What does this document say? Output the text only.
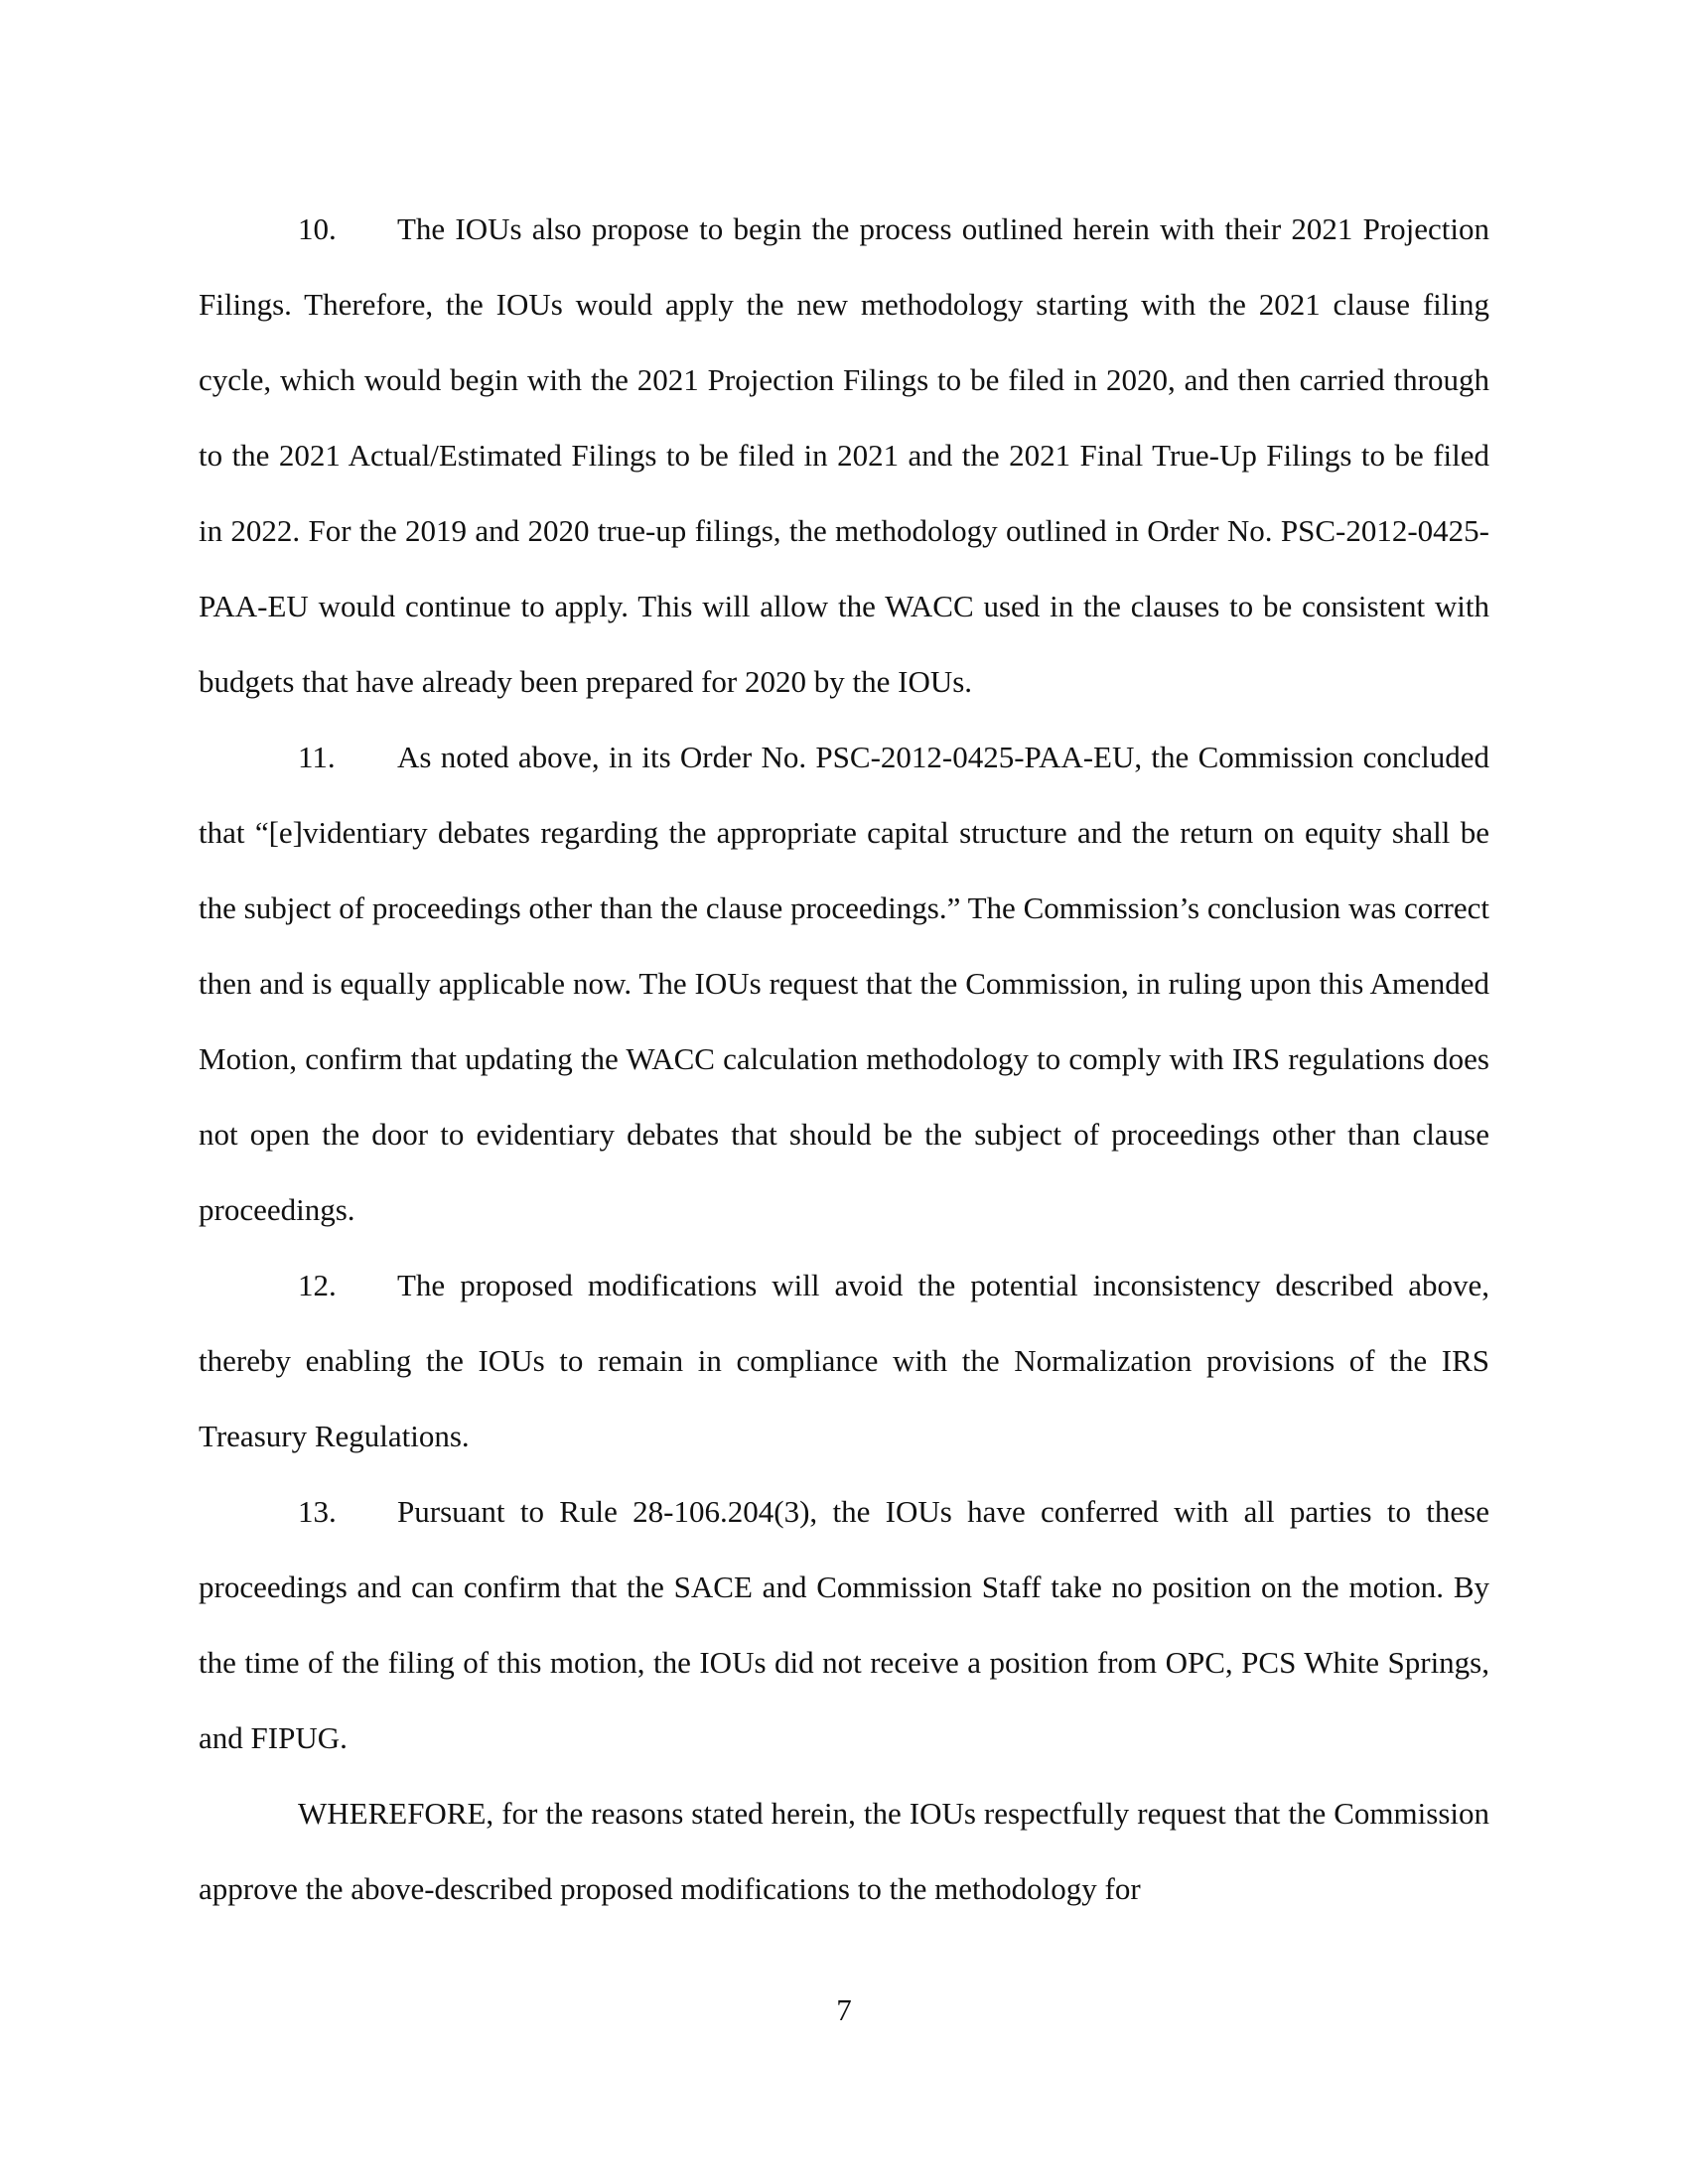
10. The IOUs also propose to begin the process outlined herein with their 2021 Projection Filings. Therefore, the IOUs would apply the new methodology starting with the 2021 clause filing cycle, which would begin with the 2021 Projection Filings to be filed in 2020, and then carried through to the 2021 Actual/Estimated Filings to be filed in 2021 and the 2021 Final True-Up Filings to be filed in 2022. For the 2019 and 2020 true-up filings, the methodology outlined in Order No. PSC-2012-0425-PAA-EU would continue to apply. This will allow the WACC used in the clauses to be consistent with budgets that have already been prepared for 2020 by the IOUs.

11. As noted above, in its Order No. PSC-2012-0425-PAA-EU, the Commission concluded that “[e]videntiary debates regarding the appropriate capital structure and the return on equity shall be the subject of proceedings other than the clause proceedings.” The Commission’s conclusion was correct then and is equally applicable now. The IOUs request that the Commission, in ruling upon this Amended Motion, confirm that updating the WACC calculation methodology to comply with IRS regulations does not open the door to evidentiary debates that should be the subject of proceedings other than clause proceedings.

12. The proposed modifications will avoid the potential inconsistency described above, thereby enabling the IOUs to remain in compliance with the Normalization provisions of the IRS Treasury Regulations.

13. Pursuant to Rule 28-106.204(3), the IOUs have conferred with all parties to these proceedings and can confirm that the SACE and Commission Staff take no position on the motion. By the time of the filing of this motion, the IOUs did not receive a position from OPC, PCS White Springs, and FIPUG.

WHEREFORE, for the reasons stated herein, the IOUs respectfully request that the Commission approve the above-described proposed modifications to the methodology for

7
